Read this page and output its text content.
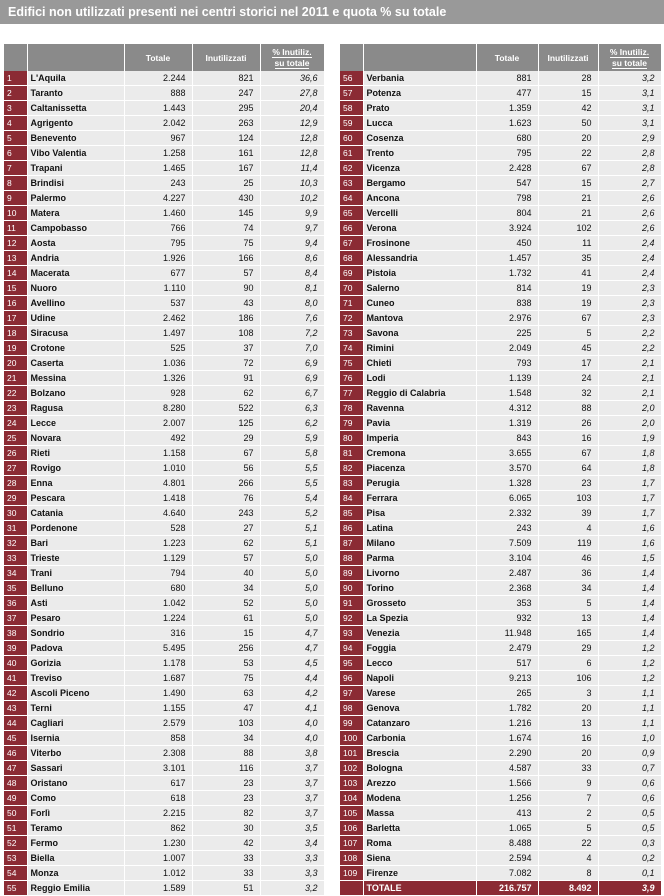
Edifici non utilizzati presenti nei centri storici nel 2011 e quota % su totale
		Totale	Inutilizzati	% Inutiliz.
su totale
1	L'Aquila	2.244	821	36,6
2	Taranto	888	247	27,8
3	Caltanissetta	1.443	295	20,4
4	Agrigento	2.042	263	12,9
5	Benevento	967	124	12,8
6	Vibo Valentia	1.258	161	12,8
7	Trapani	1.465	167	11,4
8	Brindisi	243	25	10,3
9	Palermo	4.227	430	10,2
10	Matera	1.460	145	9,9
11	Campobasso	766	74	9,7
12	Aosta	795	75	9,4
13	Andria	1.926	166	8,6
14	Macerata	677	57	8,4
15	Nuoro	1.110	90	8,1
16	Avellino	537	43	8,0
17	Udine	2.462	186	7,6
18	Siracusa	1.497	108	7,2
19	Crotone	525	37	7,0
20	Caserta	1.036	72	6,9
21	Messina	1.326	91	6,9
22	Bolzano	928	62	6,7
23	Ragusa	8.280	522	6,3
24	Lecce	2.007	125	6,2
25	Novara	492	29	5,9
26	Rieti	1.158	67	5,8
27	Rovigo	1.010	56	5,5
28	Enna	4.801	266	5,5
29	Pescara	1.418	76	5,4
30	Catania	4.640	243	5,2
31	Pordenone	528	27	5,1
32	Bari	1.223	62	5,1
33	Trieste	1.129	57	5,0
34	Trani	794	40	5,0
35	Belluno	680	34	5,0
36	Asti	1.042	52	5,0
37	Pesaro	1.224	61	5,0
38	Sondrio	316	15	4,7
39	Padova	5.495	256	4,7
40	Gorizia	1.178	53	4,5
41	Treviso	1.687	75	4,4
42	Ascoli Piceno	1.490	63	4,2
43	Terni	1.155	47	4,1
44	Cagliari	2.579	103	4,0
45	Isernia	858	34	4,0
46	Viterbo	2.308	88	3,8
47	Sassari	3.101	116	3,7
48	Oristano	617	23	3,7
49	Como	618	23	3,7
50	Forlì	2.215	82	3,7
51	Teramo	862	30	3,5
52	Fermo	1.230	42	3,4
53	Biella	1.007	33	3,3
54	Monza	1.012	33	3,3
55	Reggio Emilia	1.589	51	3,2
		Totale	Inutilizzati	% Inutiliz.
su totale
56	Verbania	881	28	3,2
57	Potenza	477	15	3,1
58	Prato	1.359	42	3,1
59	Lucca	1.623	50	3,1
60	Cosenza	680	20	2,9
61	Trento	795	22	2,8
62	Vicenza	2.428	67	2,8
63	Bergamo	547	15	2,7
64	Ancona	798	21	2,6
65	Vercelli	804	21	2,6
66	Verona	3.924	102	2,6
67	Frosinone	450	11	2,4
68	Alessandria	1.457	35	2,4
69	Pistoia	1.732	41	2,4
70	Salerno	814	19	2,3
71	Cuneo	838	19	2,3
72	Mantova	2.976	67	2,3
73	Savona	225	5	2,2
74	Rimini	2.049	45	2,2
75	Chieti	793	17	2,1
76	Lodi	1.139	24	2,1
77	Reggio di Calabria	1.548	32	2,1
78	Ravenna	4.312	88	2,0
79	Pavia	1.319	26	2,0
80	Imperia	843	16	1,9
81	Cremona	3.655	67	1,8
82	Piacenza	3.570	64	1,8
83	Perugia	1.328	23	1,7
84	Ferrara	6.065	103	1,7
85	Pisa	2.332	39	1,7
86	Latina	243	4	1,6
87	Milano	7.509	119	1,6
88	Parma	3.104	46	1,5
89	Livorno	2.487	36	1,4
90	Torino	2.368	34	1,4
91	Grosseto	353	5	1,4
92	La Spezia	932	13	1,4
93	Venezia	11.948	165	1,4
94	Foggia	2.479	29	1,2
95	Lecco	517	6	1,2
96	Napoli	9.213	106	1,2
97	Varese	265	3	1,1
98	Genova	1.782	20	1,1
99	Catanzaro	1.216	13	1,1
100	Carbonia	1.674	16	1,0
101	Brescia	2.290	20	0,9
102	Bologna	4.587	33	0,7
103	Arezzo	1.566	9	0,6
104	Modena	1.256	7	0,6
105	Massa	413	2	0,5
106	Barletta	1.065	5	0,5
107	Roma	8.488	22	0,3
108	Siena	2.594	4	0,2
109	Firenze	7.082	8	0,1
	TOTALE	216.757	8.492	3,9
